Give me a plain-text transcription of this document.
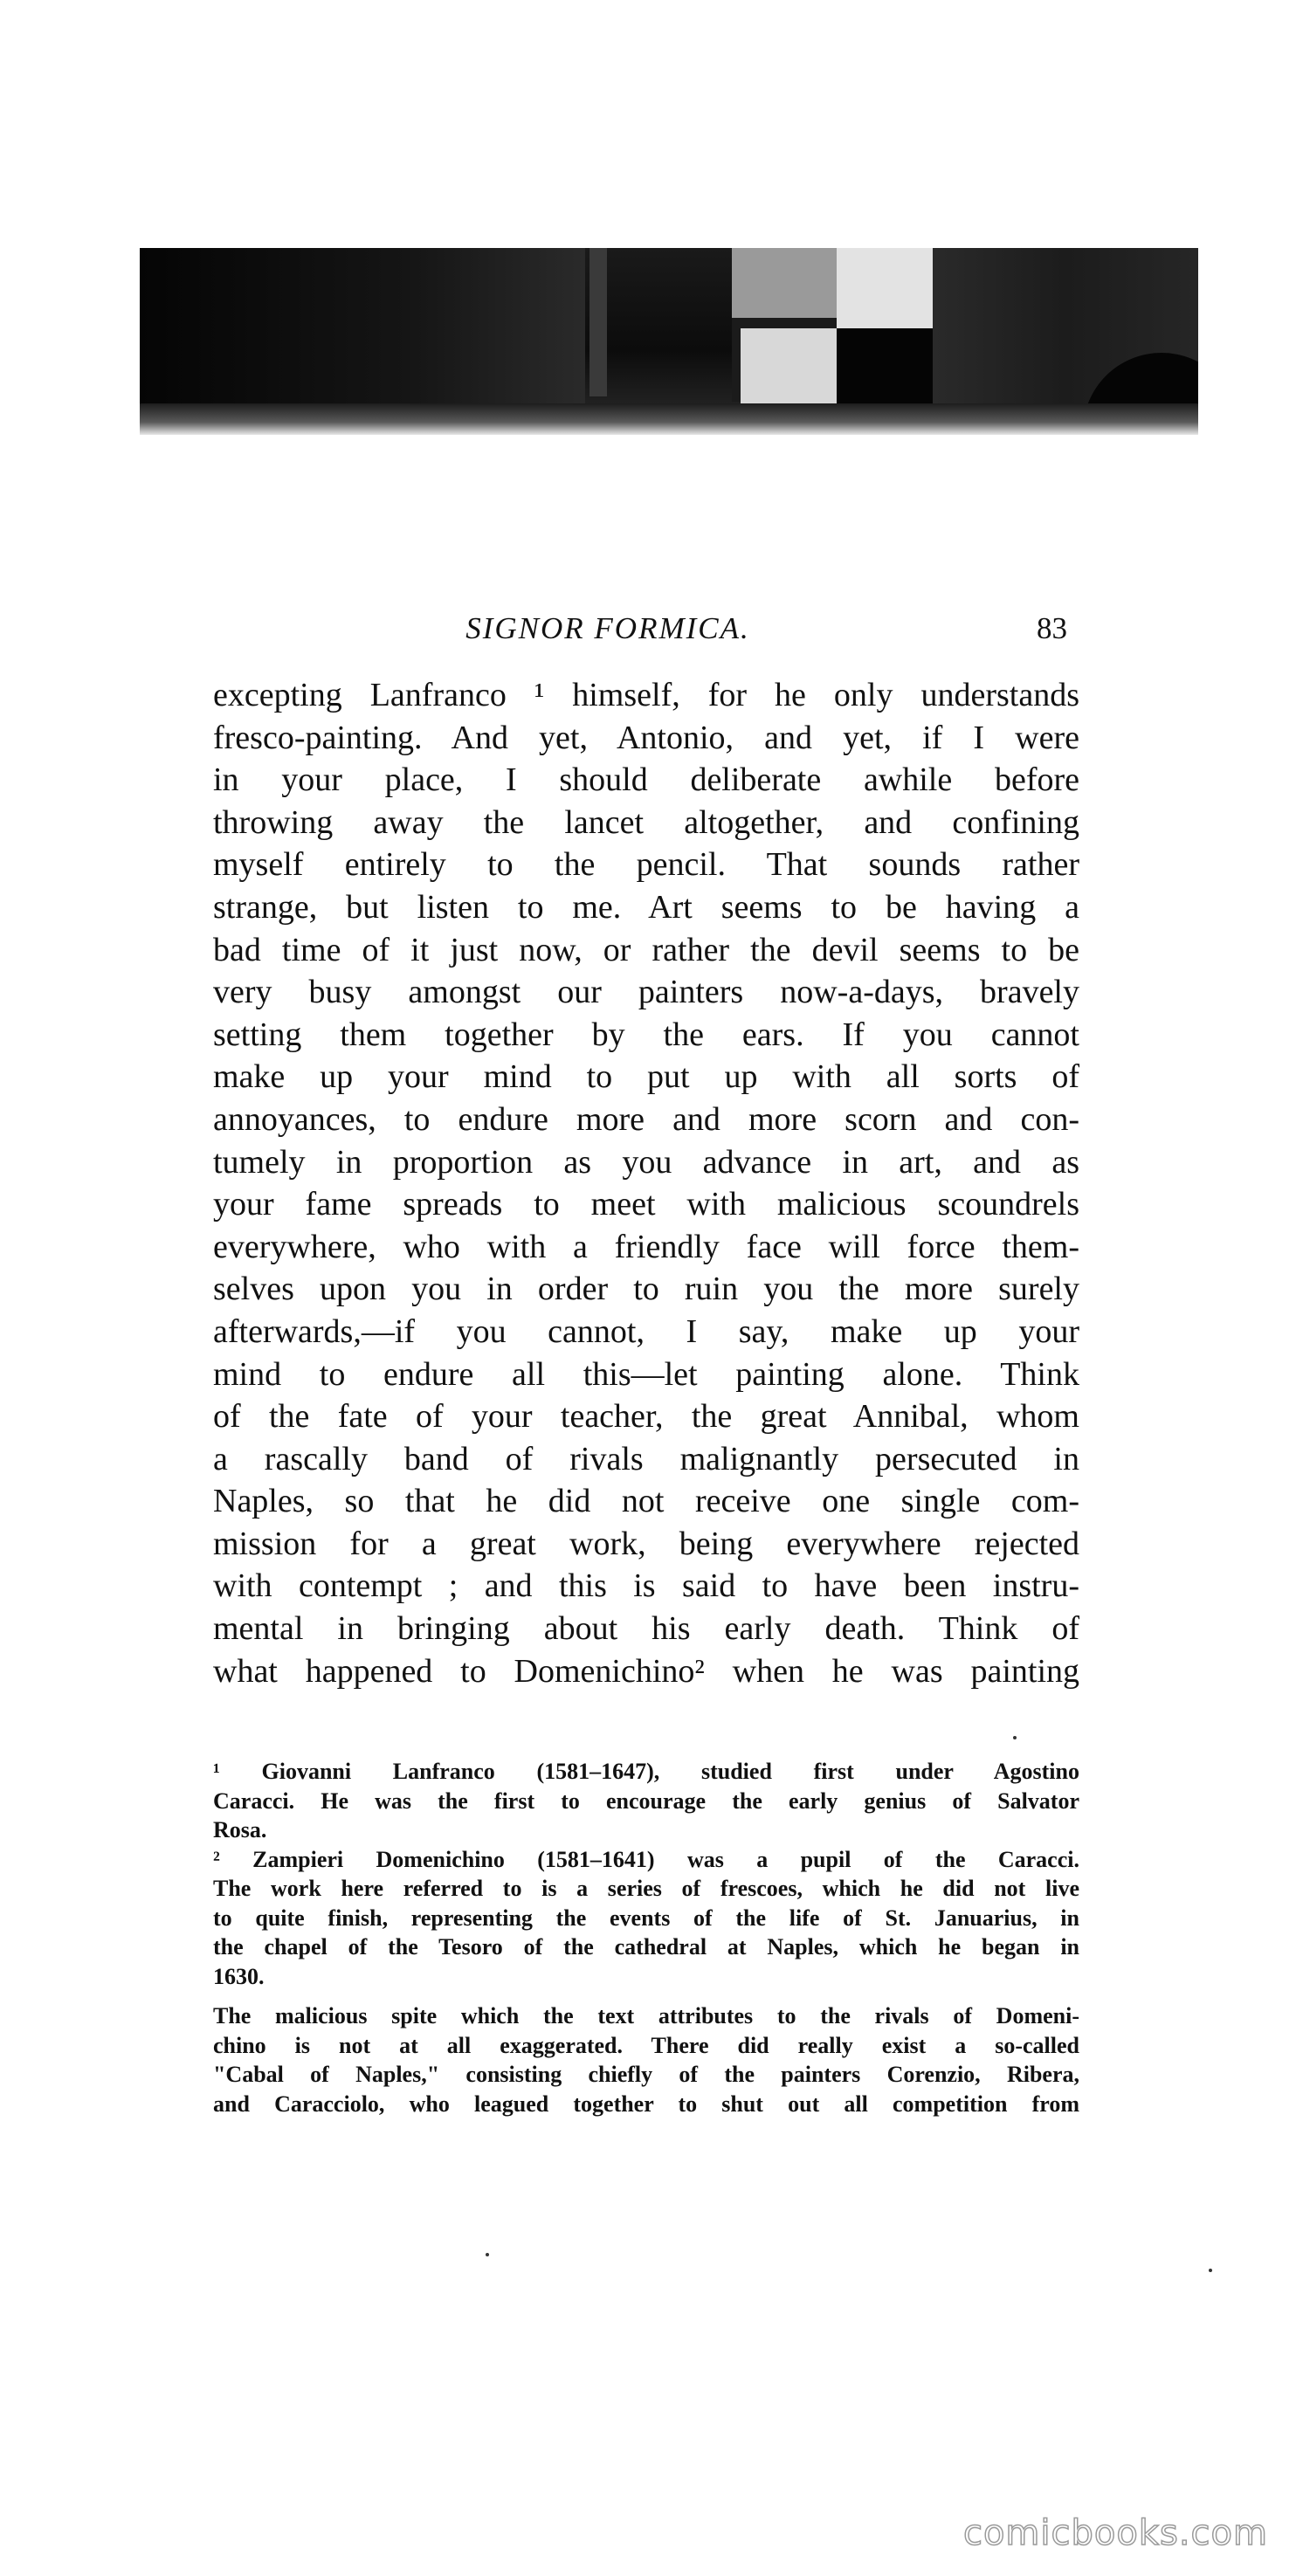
SIGNOR FORMICA.	83
excepting Lanfranco ¹ himself, for he only understands
fresco-painting. And yet, Antonio, and yet, if I were
in your place, I should deliberate awhile before
throwing away the lancet altogether, and confining
myself entirely to the pencil. That sounds rather
strange, but listen to me. Art seems to be having a
bad time of it just now, or rather the devil seems to be
very busy amongst our painters now-a-days, bravely
setting them together by the ears. If you cannot
make up your mind to put up with all sorts of
annoyances, to endure more and more scorn and con-
tumely in proportion as you advance in art, and as
your fame spreads to meet with malicious scoundrels
everywhere, who with a friendly face will force them-
selves upon you in order to ruin you the more surely
afterwards,—if you cannot, I say, make up your
mind to endure all this—let painting alone. Think
of the fate of your teacher, the great Annibal, whom
a rascally band of rivals malignantly persecuted in
Naples, so that he did not receive one single com-
mission for a great work, being everywhere rejected
with contempt ; and this is said to have been instru-
mental in bringing about his early death. Think of
what happened to Domenichino² when he was painting
¹ Giovanni Lanfranco (1581–1647), studied first under Agostino
Caracci. He was the first to encourage the early genius of Salvator
Rosa.
² Zampieri Domenichino (1581–1641) was a pupil of the Caracci.
The work here referred to is a series of frescoes, which he did not live
to quite finish, representing the events of the life of St. Januarius, in
the chapel of the Tesoro of the cathedral at Naples, which he began in
1630.
The malicious spite which the text attributes to the rivals of Domeni-
chino is not at all exaggerated. There did really exist a so-called
"Cabal of Naples," consisting chiefly of the painters Corenzio, Ribera,
and Caracciolo, who leagued together to shut out all competition from
comicbooks.com
